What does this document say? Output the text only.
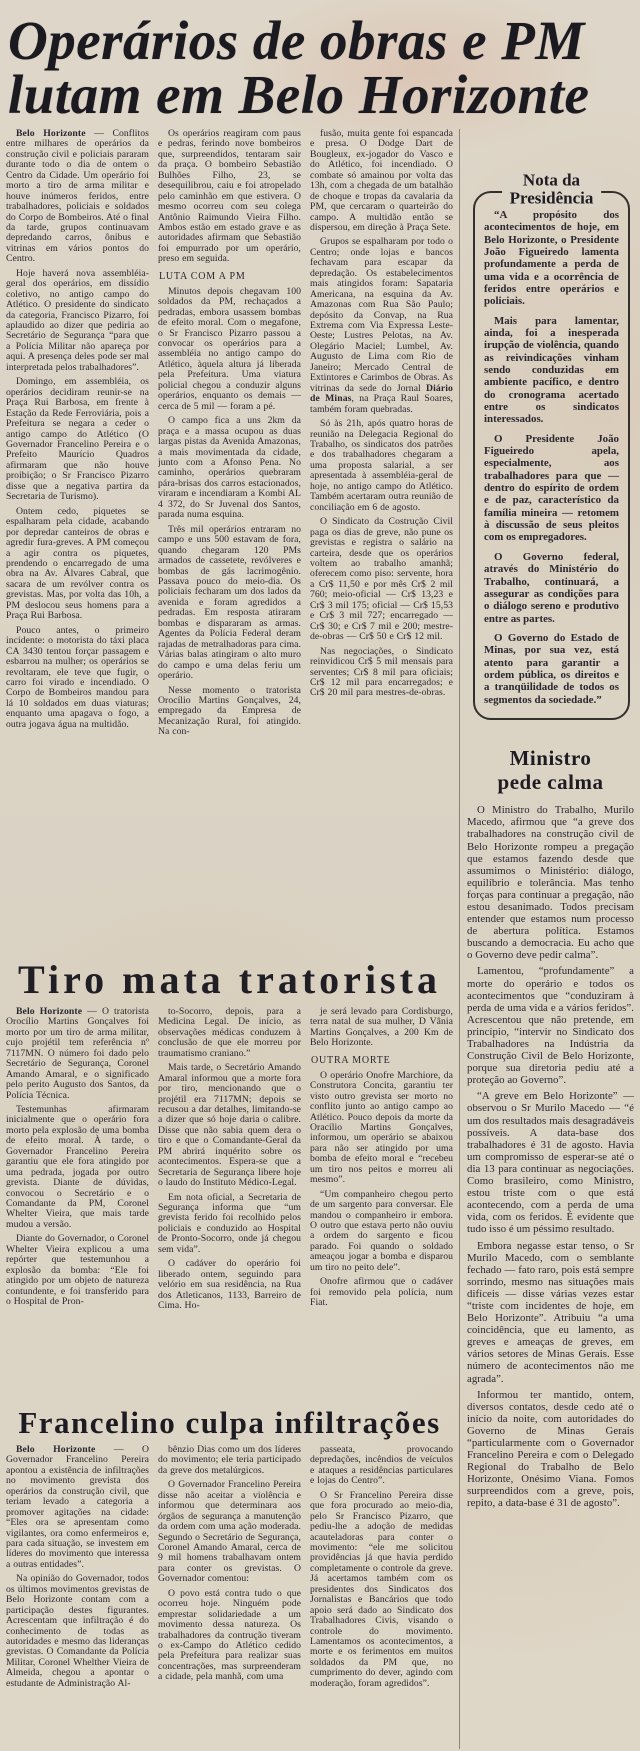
Operários de obras e PM
lutam em Belo Horizonte

Belo Horizonte — Conflitos entre milhares de operários da construção civil e policiais pararam durante todo o dia de ontem o Centro da Cidade. Um operário foi morto a tiro de arma militar e houve inúmeros feridos, entre trabalhadores, policiais e soldados do Corpo de Bombeiros. Até o final da tarde, grupos continuavam depredando carros, ônibus e vitrinas em vários pontos do Centro.

Hoje haverá nova assembléia-geral dos operários, em dissídio coletivo, no antigo campo do Atlético. O presidente do sindicato da categoria, Francisco Pizarro, foi aplaudido ao dizer que pediria ao Secretário de Segurança “para que a Polícia Militar não apareça por aqui. A presença deles pode ser mal interpretada pelos trabalhadores”.

Domingo, em assembléia, os operários decidiram reunir-se na Praça Rui Barbosa, em frente à Estação da Rede Ferroviária, pois a Prefeitura se negara a ceder o antigo campo do Atlético (O Governador Francelino Pereira e o Prefeito Maurício Quadros afirmaram que não houve proibição; o Sr Francisco Pizarro disse que a negativa partira da Secretaria de Turismo).

Ontem cedo, piquetes se espalharam pela cidade, acabando por depredar canteiros de obras e agredir fura-greves. A PM começou a agir contra os piquetes, prendendo o encarregado de uma obra na Av. Álvares Cabral, que sacara de um revólver contra os grevistas. Mas, por volta das 10h, a PM deslocou seus homens para a Praça Rui Barbosa.

Pouco antes, o primeiro incidente: o motorista do táxi placa CA 3430 tentou forçar passagem e esbarrou na mulher; os operários se revoltaram, ele teve que fugir, o carro foi virado e incendiado. O Corpo de Bombeiros mandou para lá 10 soldados em duas viaturas; enquanto uma apagava o fogo, a outra jogava água na multidão.

Os operários reagiram com paus e pedras, ferindo nove bombeiros que, surpreendidos, tentaram sair da praça. O bombeiro Sebastião Bulhões Filho, 23, se desequilibrou, caiu e foi atropelado pelo caminhão em que estivera. O mesmo ocorreu com seu colega Antônio Raimundo Vieira Filho. Ambos estão em estado grave e as autoridades afirmam que Sebastião foi empurrado por um operário, preso em seguida.

LUTA COM A PM

Minutos depois chegavam 100 soldados da PM, rechaçados a pedradas, embora usassem bombas de efeito moral. Com o megafone, o Sr Francisco Pizarro passou a convocar os operários para a assembléia no antigo campo do Atlético, àquela altura já liberada pela Prefeitura. Uma viatura policial chegou a conduzir alguns operários, enquanto os demais — cerca de 5 mil — foram a pé.

O campo fica a uns 2km da praça e a massa ocupou as duas largas pistas da Avenida Amazonas, a mais movimentada da cidade, junto com a Afonso Pena. No caminho, operários quebraram pára-brisas dos carros estacionados, viraram e incendiaram a Kombi AL 4 372, do Sr Juvenal dos Santos, parada numa esquina.

Três mil operários entraram no campo e uns 500 estavam de fora, quando chegaram 120 PMs armados de cassetete, revólveres e bombas de gás lacrimogênio. Passava pouco do meio-dia. Os policiais fecharam um dos lados da avenida e foram agredidos a pedradas. Em resposta atiraram bombas e dispararam as armas. Agentes da Polícia Federal deram rajadas de metralhadoras para cima. Várias balas atingiram o alto muro do campo e uma delas feriu um operário.

Nesse momento o tratorista Orocílio Martins Gonçalves, 24, empregado da Empresa de Mecanização Rural, foi atingido. Na con-

fusão, muita gente foi espancada e presa. O Dodge Dart de Bougleux, ex-jogador do Vasco e do Atlético, foi incendiado. O combate só amainou por volta das 13h, com a chegada de um batalhão de choque e tropas da cavalaria da PM, que cercaram o quarteirão do campo. A multidão então se dispersou, em direção à Praça Sete.

Grupos se espalharam por todo o Centro; onde lojas e bancos fechavam para escapar da depredação. Os estabelecimentos mais atingidos foram: Sapataria Americana, na esquina da Av. Amazonas com Rua São Paulo; depósito da Convap, na Rua Extrema com Via Expressa Leste-Oeste; Lustres Pelotas, na Av. Olegário Maciel; Lumbel, Av. Augusto de Lima com Rio de Janeiro; Mercado Central de Extintores e Carimbos de Obras. As vitrinas da sede do Jornal Diário de Minas, na Praça Raul Soares, também foram quebradas.

Só às 21h, após quatro horas de reunião na Delegacia Regional do Trabalho, os sindicatos dos patrões e dos trabalhadores chegaram a uma proposta salarial, a ser apresentada à assembléia-geral de hoje, no antigo campo do Atlético. Também acertaram outra reunião de conciliação em 6 de agosto.

O Sindicato da Costrução Civil paga os dias de greve, não pune os grevistas e registra o salário na carteira, desde que os operários voltem ao trabalho amanhã; oferecem como piso: servente, hora a Cr$ 11,50 e por mês Cr$ 2 mil 760; meio-oficial — Cr$ 13,23 e Cr$ 3 mil 175; oficial — Cr$ 15,53 e Cr$ 3 mil 727; encarregado — Cr$ 30; e Cr$ 7 mil e 200; mestre-de-obras — Cr$ 50 e Cr$ 12 mil.

Nas negociações, o Sindicato reinvidicou Cr$ 5 mil mensais para serventes; Cr$ 8 mil para oficiais; Cr$ 12 mil para encarregados; e Cr$ 20 mil para mestres-de-obras.

Tiro mata tratorista

Belo Horizonte — O tratorista Orocílio Martins Gonçalves foi morto por um tiro de arma militar, cujo projétil tem referência nº 7117MN. O número foi dado pelo Secretário de Segurança, Coronel Amando Amaral, e o significado pelo perito Augusto dos Santos, da Polícia Técnica.

Testemunhas afirmaram inicialmente que o operário fora morto pela explosão de uma bomba de efeito moral. À tarde, o Governador Francelino Pereira garantiu que ele fora atingido por uma pedrada, jogada por outro grevista. Diante de dúvidas, convocou o Secretário e o Comandante da PM, Coronel Whelter Vieira, que mais tarde mudou a versão.

Diante do Governador, o Coronel Whelter Vieira explicou a uma repórter que testemunhou a explosão da bomba: “Ele foi atingido por um objeto de natureza contundente, e foi transferido para o Hospital de Pron-

to-Socorro, depois, para a Medicina Legal. De início, as observações médicas conduzem à conclusão de que ele morreu por traumatismo craniano.”

Mais tarde, o Secretário Amando Amaral informou que a morte fora por tiro, mencionando que o projétil era 7117MN; depois se recusou a dar detalhes, limitando-se a dizer que só hoje daria o calibre. Disse que não sabia quem dera o tiro e que o Comandante-Geral da PM abrirá inquérito sobre os acontecimentos. Espera-se que a Secretaria de Segurança libere hoje o laudo do Instituto Médico-Legal.

Em nota oficial, a Secretaria de Segurança informa que “um grevista ferido foi recolhido pelos policiais e conduzido ao Hospital de Pronto-Socorro, onde já chegou sem vida”.

O cadáver do operário foi liberado ontem, seguindo para velório em sua residência, na Rua dos Atleticanos, 1133, Barreiro de Cima. Ho-

je será levado para Cordisburgo, terra natal de sua mulher, D Vânia Martins Gonçalves, a 200 Km de Belo Horizonte.

OUTRA MORTE

O operário Onofre Marchiore, da Construtora Concita, garantiu ter visto outro grevista ser morto no conflito junto ao antigo campo ao Atlético. Pouco depois da morte da Oracílio Martins Gonçalves, informou, um operário se abaixou para não ser atingido por uma bomba de efeito moral e “recebeu um tiro nos peitos e morreu ali mesmo”.

“Um companheiro chegou perto de um sargento para conversar. Ele mandou o companheiro ir embora. O outro que estava perto não ouviu a ordem do sargento e ficou parado. Foi quando o soldado ameaçou jogar a bomba e disparou um tiro no peito dele”.

Onofre afirmou que o cadáver foi removido pela polícia, num Fiat.

Francelino culpa infiltrações

Belo Horizonte — O Governador Francelino Pereira apontou a existência de infiltrações no movimento grevista dos operários da construção civil, que teriam levado a categoria a promover agitações na cidade: “Eles ora se apresentam como vigilantes, ora como enfermeiros e, para cada situação, se investem em líderes do movimento que interessa a outras entidades”.

Na opinião do Governador, todos os últimos movimentos grevistas de Belo Horizonte contam com a participação destes figurantes. Acrescentam que infiltração é do conhecimento de todas as autoridades e mesmo das lideranças grevistas. O Comandante da Polícia Militar, Coronel Whelther Vieira de Almeida, chegou a apontar o estudante de Administração Al-

bênzio Dias como um dos líderes do movimento; ele teria participado da greve dos metalúrgicos.

O Governador Francelino Pereira disse não aceitar a violência e informou que determinara aos órgãos de segurança a manutenção da ordem com uma ação moderada. Segundo o Secretário de Segurança, Coronel Amando Amaral, cerca de 9 mil homens trabalhavam ontem para conter os grevistas. O Governador comentou:

O povo está contra tudo o que ocorreu hoje. Ninguém pode emprestar solidariedade a um movimento dessa natureza. Os trabalhadores da contrução tiveram o ex-Campo do Atlético cedido pela Prefeitura para realizar suas concentrações, mas surpreenderam a cidade, pela manhã, com uma

passeata, provocando depredações, incêndios de veículos e ataques a residências particulares e lojas do Centro”.

O Sr Francelino Pereira disse que fora procurado ao meio-dia, pelo Sr Francisco Pizarro, que pediu-lhe a adoção de medidas acauteladoras para conter o movimento: “ele me solicitou providências já que havia perdido completamente o controle da greve. Já acertamos também com os presidentes dos Sindicatos dos Jornalistas e Bancários que todo apoio será dado ao Sindicato dos Trabalhadores Civis, visando o controle do movimento. Lamentamos os acontecimentos, a morte e os ferimentos em muitos soldados da PM que, no cumprimento do dever, agindo com moderação, foram agredidos”.

Nota da
Presidência

“A propósito dos acontecimentos de hoje, em Belo Horizonte, o Presidente João Figueiredo lamenta profundamente a perda de uma vida e a ocorrência de feridos entre operários e policiais.

Mais para lamentar, ainda, foi a inesperada irupção de violência, quando as reivindicações vinham sendo conduzidas em ambiente pacífico, e dentro do cronograma acertado entre os sindicatos interessados.

O Presidente João Figueiredo apela, especialmente, aos trabalhadores para que — dentro do espírito de ordem e de paz, característico da família mineira — retomem à discussão de seus pleitos com os empregadores.

O Governo federal, através do Ministério do Trabalho, continuará, a assegurar as condições para o diálogo sereno e produtivo entre as partes.

O Governo do Estado de Minas, por sua vez, está atento para garantir a ordem pública, os direitos e a tranqüilidade de todos os segmentos da sociedade.”

Ministro
pede calma

O Ministro do Trabalho, Murilo Macedo, afirmou que “a greve dos trabalhadores na construção civil de Belo Horizonte rompeu a pregação que estamos fazendo desde que assumimos o Ministério: diálogo, equilíbrio e tolerância. Mas tenho forças para continuar a pregação, não estou desanimado. Todos precisam entender que estamos num processo de abertura política. Estamos buscando a democracia. Eu acho que o Governo deve pedir calma”.

Lamentou, “profundamente” a morte do operário e todos os acontecimentos que “conduziram à perda de uma vida e a vários feridos”. Acrescentou que não pretende, em princípio, “intervir no Sindicato dos Trabalhadores na Indústria da Construção Civil de Belo Horizonte, porque sua diretoria pediu até a proteção ao Governo”.

“A greve em Belo Horizonte” — observou o Sr Murilo Macedo — “é um dos resultados mais desagradáveis possíveis. A data-base dos trabalhadores é 31 de agosto. Havia um compromisso de esperar-se até o dia 13 para continuar as negociações. Como brasileiro, como Ministro, estou triste com o que está acontecendo, com a perda de uma vida, com os feridos. É evidente que tudo isso é um péssimo resultado.

Embora negasse estar tenso, o Sr Murilo Macedo, com o semblante fechado — fato raro, pois está sempre sorrindo, mesmo nas situações mais difíceis — disse várias vezes estar “triste com incidentes de hoje, em Belo Horizonte”. Atribuiu “a uma coincidência, que eu lamento, as greves e ameaças de greves, em vários setores de Minas Gerais. Esse número de acontecimentos não me agrada”.

Informou ter mantido, ontem, diversos contatos, desde cedo até o início da noite, com autoridades do Governo de Minas Gerais “particularmente com o Governador Francelino Pereira e com o Delegado Regional do Trabalho de Belo Horizonte, Onésimo Viana. Fomos surpreendidos com a greve, pois, repito, a data-base é 31 de agosto”.
